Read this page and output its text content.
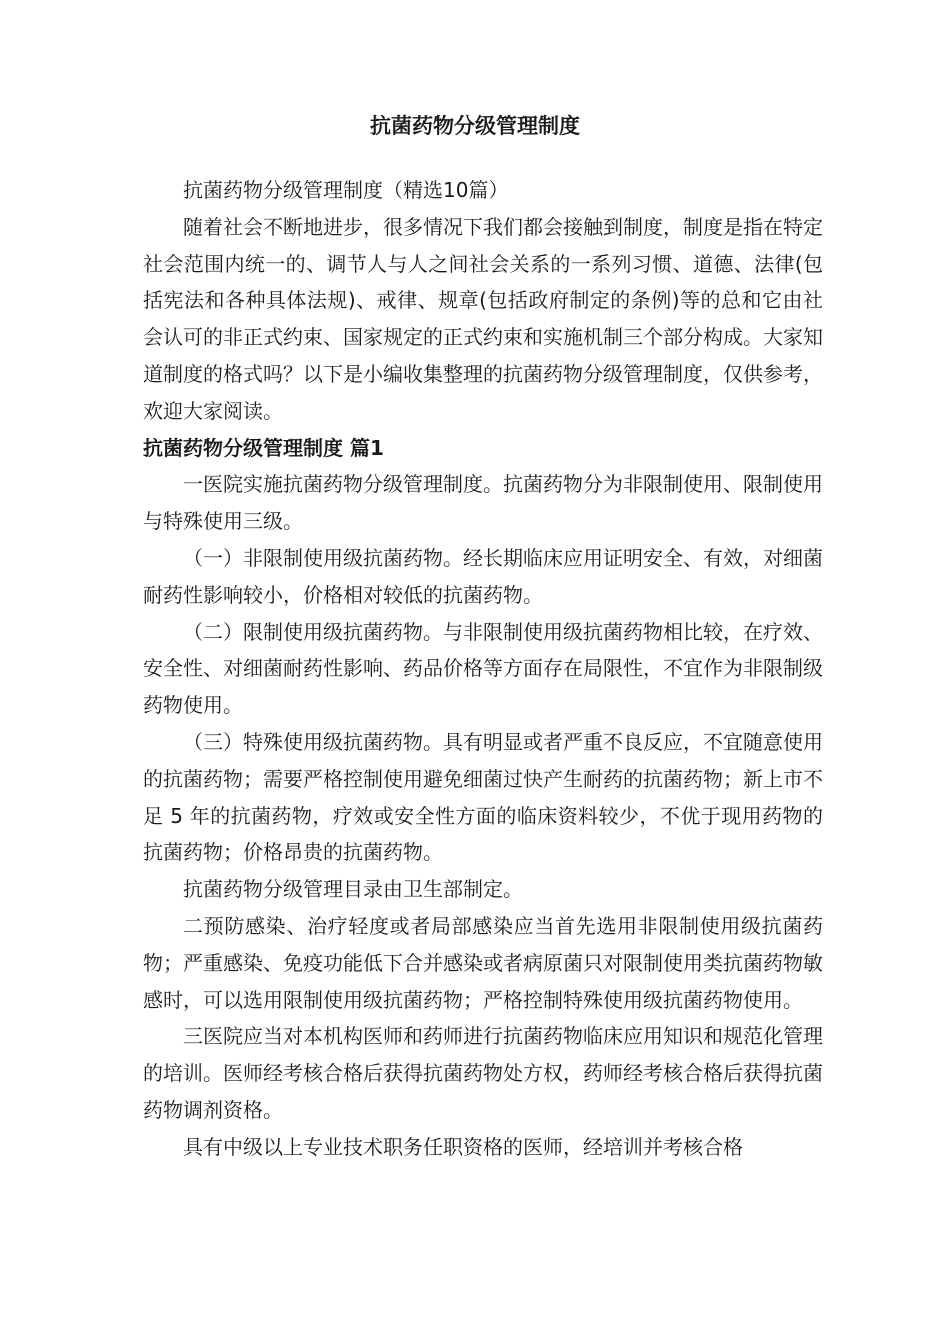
抗菌药物分级管理制度

抗菌药物分级管理制度（精选10篇）

随着社会不断地进步，很多情况下我们都会接触到制度，制度是指在特定社会范围内统一的、调节人与人之间社会关系的一系列习惯、道德、法律(包括宪法和各种具体法规)、戒律、规章(包括政府制定的条例)等的总和它由社会认可的非正式约束、国家规定的正式约束和实施机制三个部分构成。大家知道制度的格式吗？以下是小编收集整理的抗菌药物分级管理制度，仅供参考，欢迎大家阅读。

抗菌药物分级管理制度 篇1

一医院实施抗菌药物分级管理制度。抗菌药物分为非限制使用、限制使用与特殊使用三级。

（一）非限制使用级抗菌药物。经长期临床应用证明安全、有效，对细菌耐药性影响较小，价格相对较低的抗菌药物。

（二）限制使用级抗菌药物。与非限制使用级抗菌药物相比较，在疗效、安全性、对细菌耐药性影响、药品价格等方面存在局限性，不宜作为非限制级药物使用。

（三）特殊使用级抗菌药物。具有明显或者严重不良反应，不宜随意使用的抗菌药物；需要严格控制使用避免细菌过快产生耐药的抗菌药物；新上市不足 5 年的抗菌药物，疗效或安全性方面的临床资料较少，不优于现用药物的抗菌药物；价格昂贵的抗菌药物。

抗菌药物分级管理目录由卫生部制定。

二预防感染、治疗轻度或者局部感染应当首先选用非限制使用级抗菌药物；严重感染、免疫功能低下合并感染或者病原菌只对限制使用类抗菌药物敏感时，可以选用限制使用级抗菌药物；严格控制特殊使用级抗菌药物使用。

三医院应当对本机构医师和药师进行抗菌药物临床应用知识和规范化管理的培训。医师经考核合格后获得抗菌药物处方权，药师经考核合格后获得抗菌药物调剂资格。

具有中级以上专业技术职务任职资格的医师，经培训并考核合格
